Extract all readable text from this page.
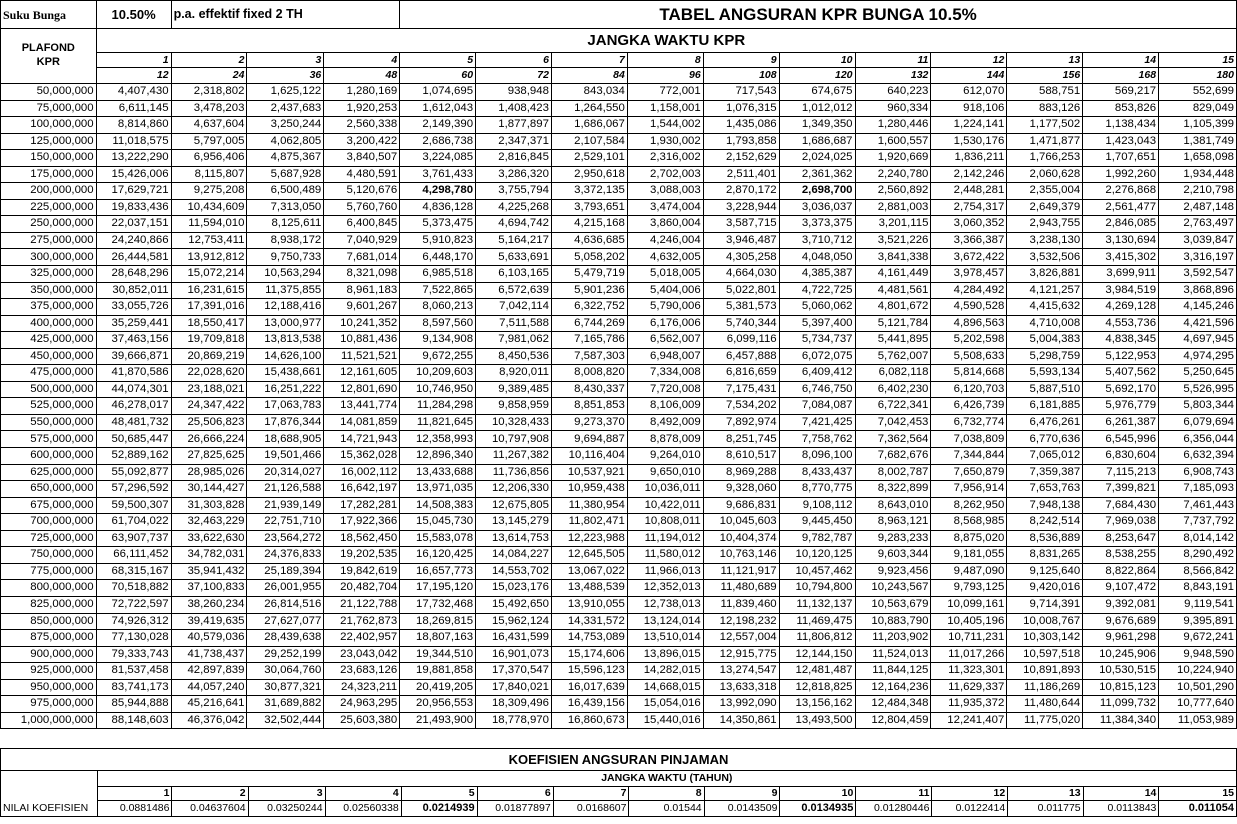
Suku Bunga	10.50%	p.a. effektif fixed 2 TH			TABEL ANGSURAN KPR BUNGA 10.5%										
PLAFOND
KPR	JANGKA WAKTU KPR														
	1	2	3	4	5	6	7	8	9	10	11	12	13	14	15
	12	24	36	48	60	72	84	96	108	120	132	144	156	168	180
50,000,000	4,407,430	2,318,802	1,625,122	1,280,169	1,074,695	938,948	843,034	772,001	717,543	674,675	640,223	612,070	588,751	569,217	552,699
75,000,000	6,611,145	3,478,203	2,437,683	1,920,253	1,612,043	1,408,423	1,264,550	1,158,001	1,076,315	1,012,012	960,334	918,106	883,126	853,826	829,049
100,000,000	8,814,860	4,637,604	3,250,244	2,560,338	2,149,390	1,877,897	1,686,067	1,544,002	1,435,086	1,349,350	1,280,446	1,224,141	1,177,502	1,138,434	1,105,399
125,000,000	11,018,575	5,797,005	4,062,805	3,200,422	2,686,738	2,347,371	2,107,584	1,930,002	1,793,858	1,686,687	1,600,557	1,530,176	1,471,877	1,423,043	1,381,749
150,000,000	13,222,290	6,956,406	4,875,367	3,840,507	3,224,085	2,816,845	2,529,101	2,316,002	2,152,629	2,024,025	1,920,669	1,836,211	1,766,253	1,707,651	1,658,098
175,000,000	15,426,006	8,115,807	5,687,928	4,480,591	3,761,433	3,286,320	2,950,618	2,702,003	2,511,401	2,361,362	2,240,780	2,142,246	2,060,628	1,992,260	1,934,448
200,000,000	17,629,721	9,275,208	6,500,489	5,120,676	4,298,780	3,755,794	3,372,135	3,088,003	2,870,172	2,698,700	2,560,892	2,448,281	2,355,004	2,276,868	2,210,798
225,000,000	19,833,436	10,434,609	7,313,050	5,760,760	4,836,128	4,225,268	3,793,651	3,474,004	3,228,944	3,036,037	2,881,003	2,754,317	2,649,379	2,561,477	2,487,148
250,000,000	22,037,151	11,594,010	8,125,611	6,400,845	5,373,475	4,694,742	4,215,168	3,860,004	3,587,715	3,373,375	3,201,115	3,060,352	2,943,755	2,846,085	2,763,497
275,000,000	24,240,866	12,753,411	8,938,172	7,040,929	5,910,823	5,164,217	4,636,685	4,246,004	3,946,487	3,710,712	3,521,226	3,366,387	3,238,130	3,130,694	3,039,847
300,000,000	26,444,581	13,912,812	9,750,733	7,681,014	6,448,170	5,633,691	5,058,202	4,632,005	4,305,258	4,048,050	3,841,338	3,672,422	3,532,506	3,415,302	3,316,197
325,000,000	28,648,296	15,072,214	10,563,294	8,321,098	6,985,518	6,103,165	5,479,719	5,018,005	4,664,030	4,385,387	4,161,449	3,978,457	3,826,881	3,699,911	3,592,547
350,000,000	30,852,011	16,231,615	11,375,855	8,961,183	7,522,865	6,572,639	5,901,236	5,404,006	5,022,801	4,722,725	4,481,561	4,284,492	4,121,257	3,984,519	3,868,896
375,000,000	33,055,726	17,391,016	12,188,416	9,601,267	8,060,213	7,042,114	6,322,752	5,790,006	5,381,573	5,060,062	4,801,672	4,590,528	4,415,632	4,269,128	4,145,246
400,000,000	35,259,441	18,550,417	13,000,977	10,241,352	8,597,560	7,511,588	6,744,269	6,176,006	5,740,344	5,397,400	5,121,784	4,896,563	4,710,008	4,553,736	4,421,596
425,000,000	37,463,156	19,709,818	13,813,538	10,881,436	9,134,908	7,981,062	7,165,786	6,562,007	6,099,116	5,734,737	5,441,895	5,202,598	5,004,383	4,838,345	4,697,945
450,000,000	39,666,871	20,869,219	14,626,100	11,521,521	9,672,255	8,450,536	7,587,303	6,948,007	6,457,888	6,072,075	5,762,007	5,508,633	5,298,759	5,122,953	4,974,295
475,000,000	41,870,586	22,028,620	15,438,661	12,161,605	10,209,603	8,920,011	8,008,820	7,334,008	6,816,659	6,409,412	6,082,118	5,814,668	5,593,134	5,407,562	5,250,645
500,000,000	44,074,301	23,188,021	16,251,222	12,801,690	10,746,950	9,389,485	8,430,337	7,720,008	7,175,431	6,746,750	6,402,230	6,120,703	5,887,510	5,692,170	5,526,995
525,000,000	46,278,017	24,347,422	17,063,783	13,441,774	11,284,298	9,858,959	8,851,853	8,106,009	7,534,202	7,084,087	6,722,341	6,426,739	6,181,885	5,976,779	5,803,344
550,000,000	48,481,732	25,506,823	17,876,344	14,081,859	11,821,645	10,328,433	9,273,370	8,492,009	7,892,974	7,421,425	7,042,453	6,732,774	6,476,261	6,261,387	6,079,694
575,000,000	50,685,447	26,666,224	18,688,905	14,721,943	12,358,993	10,797,908	9,694,887	8,878,009	8,251,745	7,758,762	7,362,564	7,038,809	6,770,636	6,545,996	6,356,044
600,000,000	52,889,162	27,825,625	19,501,466	15,362,028	12,896,340	11,267,382	10,116,404	9,264,010	8,610,517	8,096,100	7,682,676	7,344,844	7,065,012	6,830,604	6,632,394
625,000,000	55,092,877	28,985,026	20,314,027	16,002,112	13,433,688	11,736,856	10,537,921	9,650,010	8,969,288	8,433,437	8,002,787	7,650,879	7,359,387	7,115,213	6,908,743
650,000,000	57,296,592	30,144,427	21,126,588	16,642,197	13,971,035	12,206,330	10,959,438	10,036,011	9,328,060	8,770,775	8,322,899	7,956,914	7,653,763	7,399,821	7,185,093
675,000,000	59,500,307	31,303,828	21,939,149	17,282,281	14,508,383	12,675,805	11,380,954	10,422,011	9,686,831	9,108,112	8,643,010	8,262,950	7,948,138	7,684,430	7,461,443
700,000,000	61,704,022	32,463,229	22,751,710	17,922,366	15,045,730	13,145,279	11,802,471	10,808,011	10,045,603	9,445,450	8,963,121	8,568,985	8,242,514	7,969,038	7,737,792
725,000,000	63,907,737	33,622,630	23,564,272	18,562,450	15,583,078	13,614,753	12,223,988	11,194,012	10,404,374	9,782,787	9,283,233	8,875,020	8,536,889	8,253,647	8,014,142
750,000,000	66,111,452	34,782,031	24,376,833	19,202,535	16,120,425	14,084,227	12,645,505	11,580,012	10,763,146	10,120,125	9,603,344	9,181,055	8,831,265	8,538,255	8,290,492
775,000,000	68,315,167	35,941,432	25,189,394	19,842,619	16,657,773	14,553,702	13,067,022	11,966,013	11,121,917	10,457,462	9,923,456	9,487,090	9,125,640	8,822,864	8,566,842
800,000,000	70,518,882	37,100,833	26,001,955	20,482,704	17,195,120	15,023,176	13,488,539	12,352,013	11,480,689	10,794,800	10,243,567	9,793,125	9,420,016	9,107,472	8,843,191
825,000,000	72,722,597	38,260,234	26,814,516	21,122,788	17,732,468	15,492,650	13,910,055	12,738,013	11,839,460	11,132,137	10,563,679	10,099,161	9,714,391	9,392,081	9,119,541
850,000,000	74,926,312	39,419,635	27,627,077	21,762,873	18,269,815	15,962,124	14,331,572	13,124,014	12,198,232	11,469,475	10,883,790	10,405,196	10,008,767	9,676,689	9,395,891
875,000,000	77,130,028	40,579,036	28,439,638	22,402,957	18,807,163	16,431,599	14,753,089	13,510,014	12,557,004	11,806,812	11,203,902	10,711,231	10,303,142	9,961,298	9,672,241
900,000,000	79,333,743	41,738,437	29,252,199	23,043,042	19,344,510	16,901,073	15,174,606	13,896,015	12,915,775	12,144,150	11,524,013	11,017,266	10,597,518	10,245,906	9,948,590
925,000,000	81,537,458	42,897,839	30,064,760	23,683,126	19,881,858	17,370,547	15,596,123	14,282,015	13,274,547	12,481,487	11,844,125	11,323,301	10,891,893	10,530,515	10,224,940
950,000,000	83,741,173	44,057,240	30,877,321	24,323,211	20,419,205	17,840,021	16,017,639	14,668,015	13,633,318	12,818,825	12,164,236	11,629,337	11,186,269	10,815,123	10,501,290
975,000,000	85,944,888	45,216,641	31,689,882	24,963,295	20,956,553	18,309,496	16,439,156	15,054,016	13,992,090	13,156,162	12,484,348	11,935,372	11,480,644	11,099,732	10,777,640
1,000,000,000	88,148,603	46,376,042	32,502,444	25,603,380	21,493,900	18,778,970	16,860,673	15,440,016	14,350,861	13,493,500	12,804,459	12,241,407	11,775,020	11,384,340	11,053,989
KOEFISIEN ANGSURAN PINJAMAN															
	JANGKA WAKTU (TAHUN)														
	1	2	3	4	5	6	7	8	9	10	11	12	13	14	15
NILAI KOEFISIEN	0.0881486	0.04637604	0.03250244	0.02560338	0.0214939	0.01877897	0.0168607	0.01544	0.0143509	0.0134935	0.01280446	0.0122414	0.011775	0.0113843	0.011054
